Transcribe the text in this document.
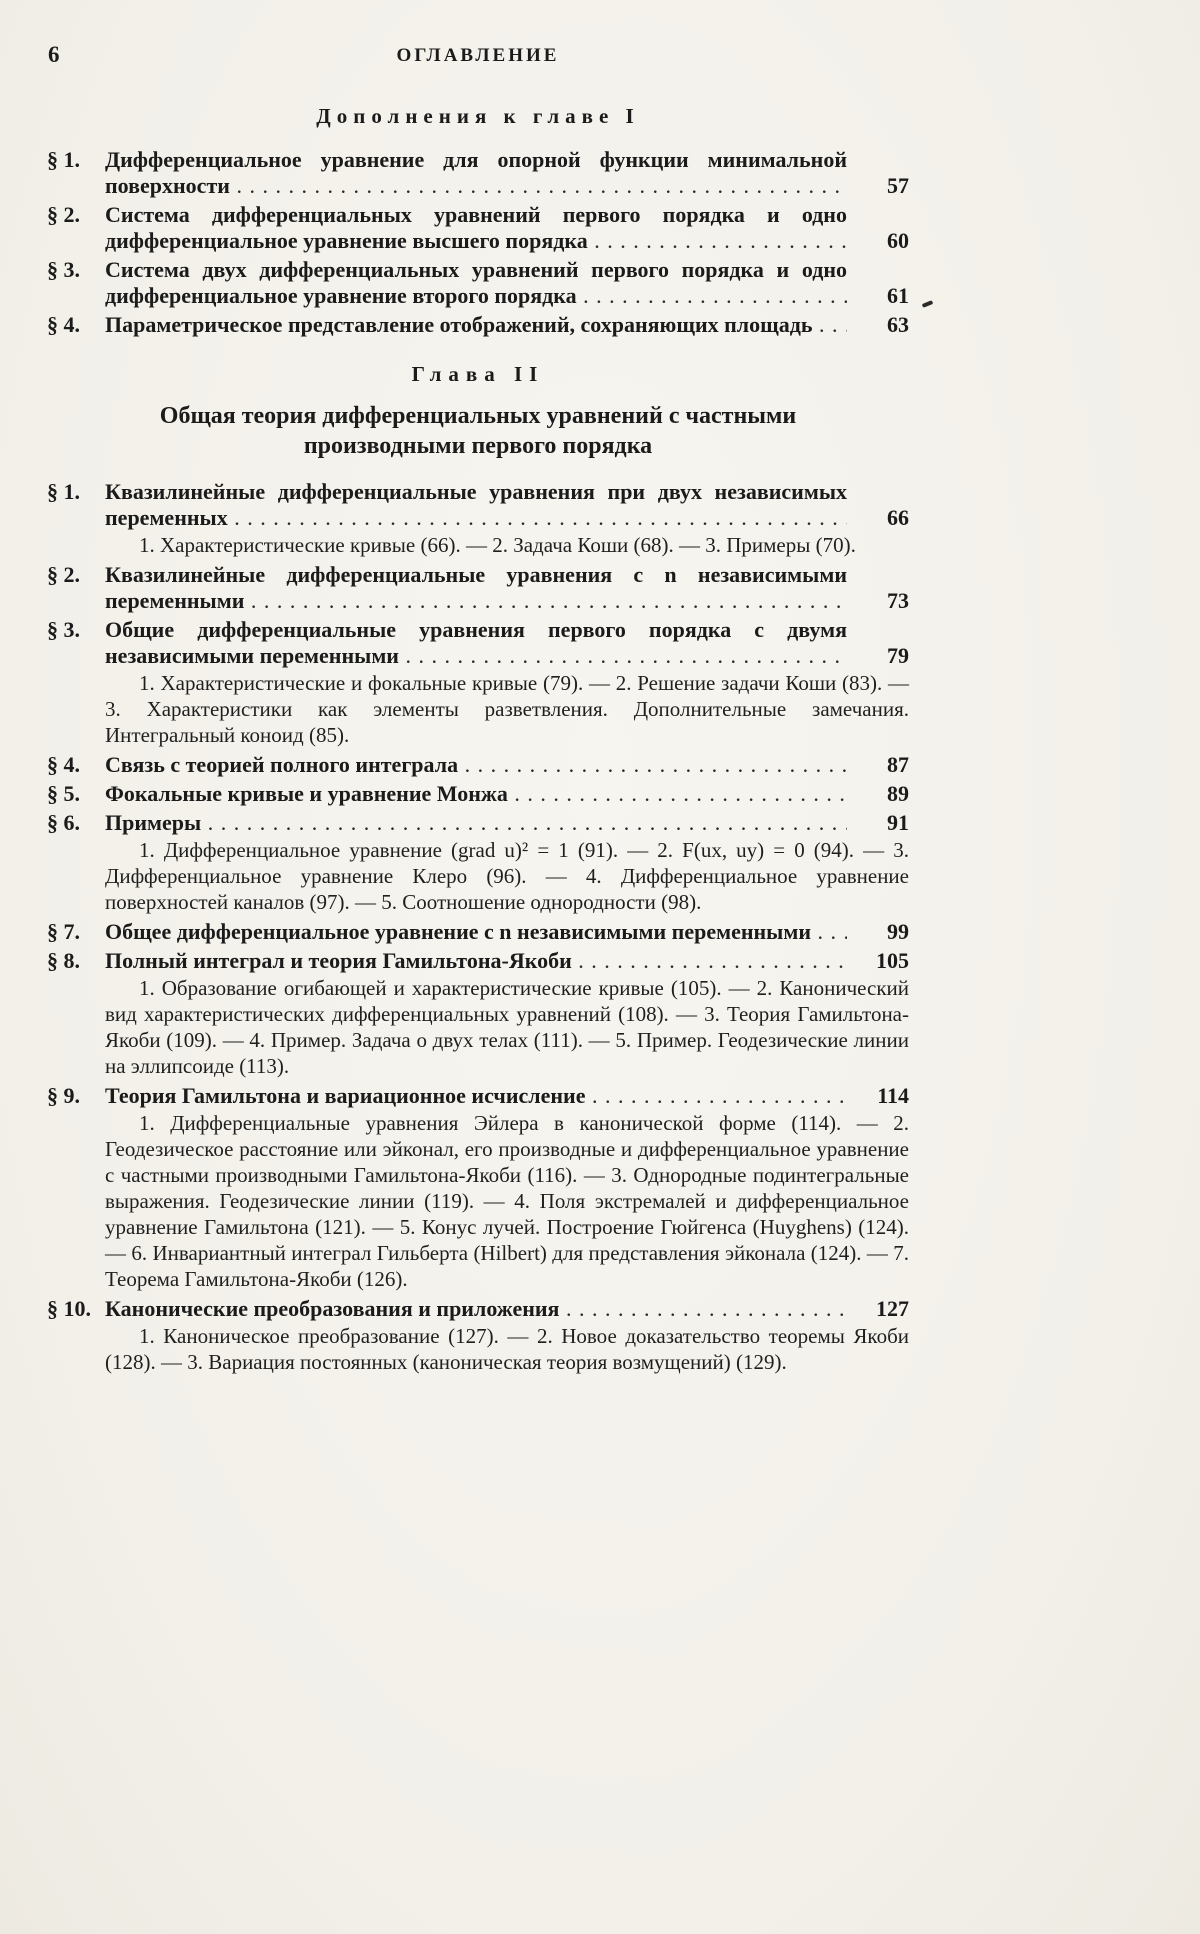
6	ОГЛАВЛЕНИЕ
Дополнения к главе I
§ 1.	Дифференциальное уравнение для опорной функции минимальной поверхности . . .	57
§ 2.	Система дифференциальных уравнений первого порядка и одно дифференциальное уравнение высшего порядка . . .	60
§ 3.	Система двух дифференциальных уравнений первого порядка и одно дифференциальное уравнение второго порядка . . .	61
§ 4.	Параметрическое представление отображений, сохраняющих площадь . . .	63
Глава II
Общая теория дифференциальных уравнений с частными производными первого порядка
§ 1.	Квазилинейные дифференциальные уравнения при двух независимых переменных . . .	66

1. Характеристические кривые (66). — 2. Задача Коши (68). — 3. Примеры (70).

§ 2.	Квазилинейные дифференциальные уравнения с n независимыми переменными . . .	73
§ 3.	Общие дифференциальные уравнения первого порядка с двумя независимыми переменными . . .	79

1. Характеристические и фокальные кривые (79). — 2. Решение задачи Коши (83). — 3. Характеристики как элементы разветвления. Дополнительные замечания. Интегральный коноид (85).

§ 4.	Связь с теорией полного интеграла . . .	87
§ 5.	Фокальные кривые и уравнение Монжа . . .	89
§ 6.	Примеры . . .	91

1. Дифференциальное уравнение (grad u)² = 1 (91). — 2. F(ux, uy) = 0 (94). — 3. Дифференциальное уравнение Клеро (96). — 4. Дифференциальное уравнение поверхностей каналов (97). — 5. Соотношение однородности (98).

§ 7.	Общее дифференциальное уравнение с n независимыми переменными . . .	99
§ 8.	Полный интеграл и теория Гамильтона-Якоби . . .	105

1. Образование огибающей и характеристические кривые (105). — 2. Канонический вид характеристических дифференциальных уравнений (108). — 3. Теория Гамильтона-Якоби (109). — 4. Пример. Задача о двух телах (111). — 5. Пример. Геодезические линии на эллипсоиде (113).

§ 9.	Теория Гамильтона и вариационное исчисление . . .	114

1. Дифференциальные уравнения Эйлера в канонической форме (114). — 2. Геодезическое расстояние или эйконал, его производные и дифференциальное уравнение с частными производными Гамильтона-Якоби (116). — 3. Однородные подинтегральные выражения. Геодезические линии (119). — 4. Поля экстремалей и дифференциальное уравнение Гамильтона (121). — 5. Конус лучей. Построение Гюйгенса (Huyghens) (124). — 6. Инвариантный интеграл Гильберта (Hilbert) для представления эйконала (124). — 7. Теорема Гамильтона-Якоби (126).

§ 10. Канонические преобразования и приложения . . .	127

1. Каноническое преобразование (127). — 2. Новое доказательство теоремы Якоби (128). — 3. Вариация постоянных (каноническая теория возмущений) (129).
